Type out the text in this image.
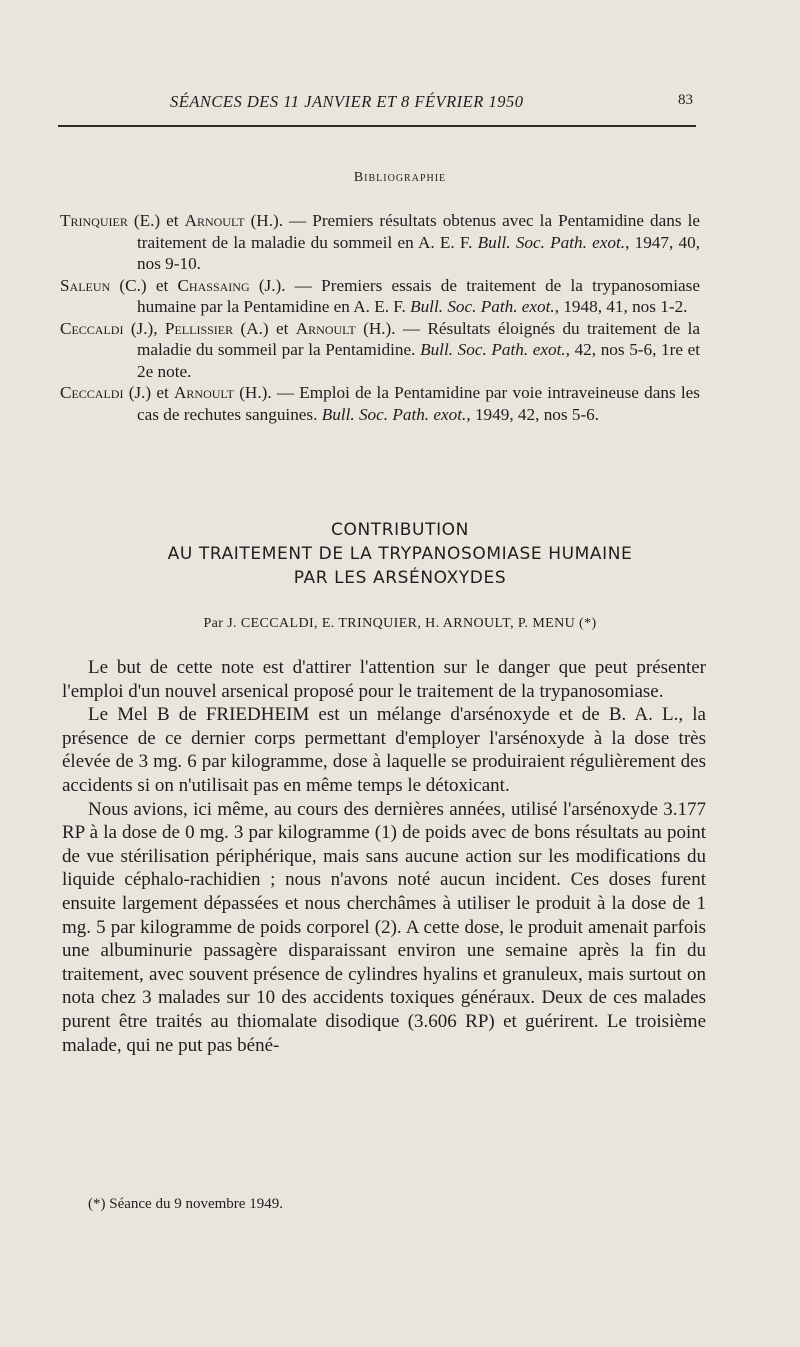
SÉANCES DES 11 JANVIER ET 8 FÉVRIER 1950	83
Bibliographie

Trinquier (E.) et Arnoult (H.). — Premiers résultats obtenus avec la Pentamidine dans le traitement de la maladie du sommeil en A. E. F. Bull. Soc. Path. exot., 1947, 40, nos 9-10.

Saleun (C.) et Chassaing (J.). — Premiers essais de traitement de la trypanosomiase humaine par la Pentamidine en A. E. F. Bull. Soc. Path. exot., 1948, 41, nos 1-2.

Ceccaldi (J.), Pellissier (A.) et Arnoult (H.). — Résultats éloignés du traitement de la maladie du sommeil par la Pentamidine. Bull. Soc. Path. exot., 42, nos 5-6, 1re et 2e note.

Ceccaldi (J.) et Arnoult (H.). — Emploi de la Pentamidine par voie intraveineuse dans les cas de rechutes sanguines. Bull. Soc. Path. exot., 1949, 42, nos 5-6.

CONTRIBUTION
AU TRAITEMENT DE LA TRYPANOSOMIASE HUMAINE
PAR LES ARSÉNOXYDES
Par J. CECCALDI, E. TRINQUIER, H. ARNOULT, P. MENU (*)

Le but de cette note est d'attirer l'attention sur le danger que peut présenter l'emploi d'un nouvel arsenical proposé pour le traitement de la trypanosomiase.

Le Mel B de FRIEDHEIM est un mélange d'arsénoxyde et de B. A. L., la présence de ce dernier corps permettant d'employer l'arsénoxyde à la dose très élevée de 3 mg. 6 par kilogramme, dose à laquelle se produiraient régulièrement des accidents si on n'utilisait pas en même temps le détoxicant.

Nous avions, ici même, au cours des dernières années, utilisé l'arsénoxyde 3.177 RP à la dose de 0 mg. 3 par kilogramme (1) de poids avec de bons résultats au point de vue stérilisation périphérique, mais sans aucune action sur les modifications du liquide céphalo-rachidien ; nous n'avons noté aucun incident. Ces doses furent ensuite largement dépassées et nous cherchâmes à utiliser le produit à la dose de 1 mg. 5 par kilogramme de poids corporel (2). A cette dose, le produit amenait parfois une albuminurie passagère disparaissant environ une semaine après la fin du traitement, avec souvent présence de cylindres hyalins et granuleux, mais surtout on nota chez 3 malades sur 10 des accidents toxiques généraux. Deux de ces malades purent être traités au thiomalate disodique (3.606 RP) et guérirent. Le troisième malade, qui ne put pas béné-

(*) Séance du 9 novembre 1949.
